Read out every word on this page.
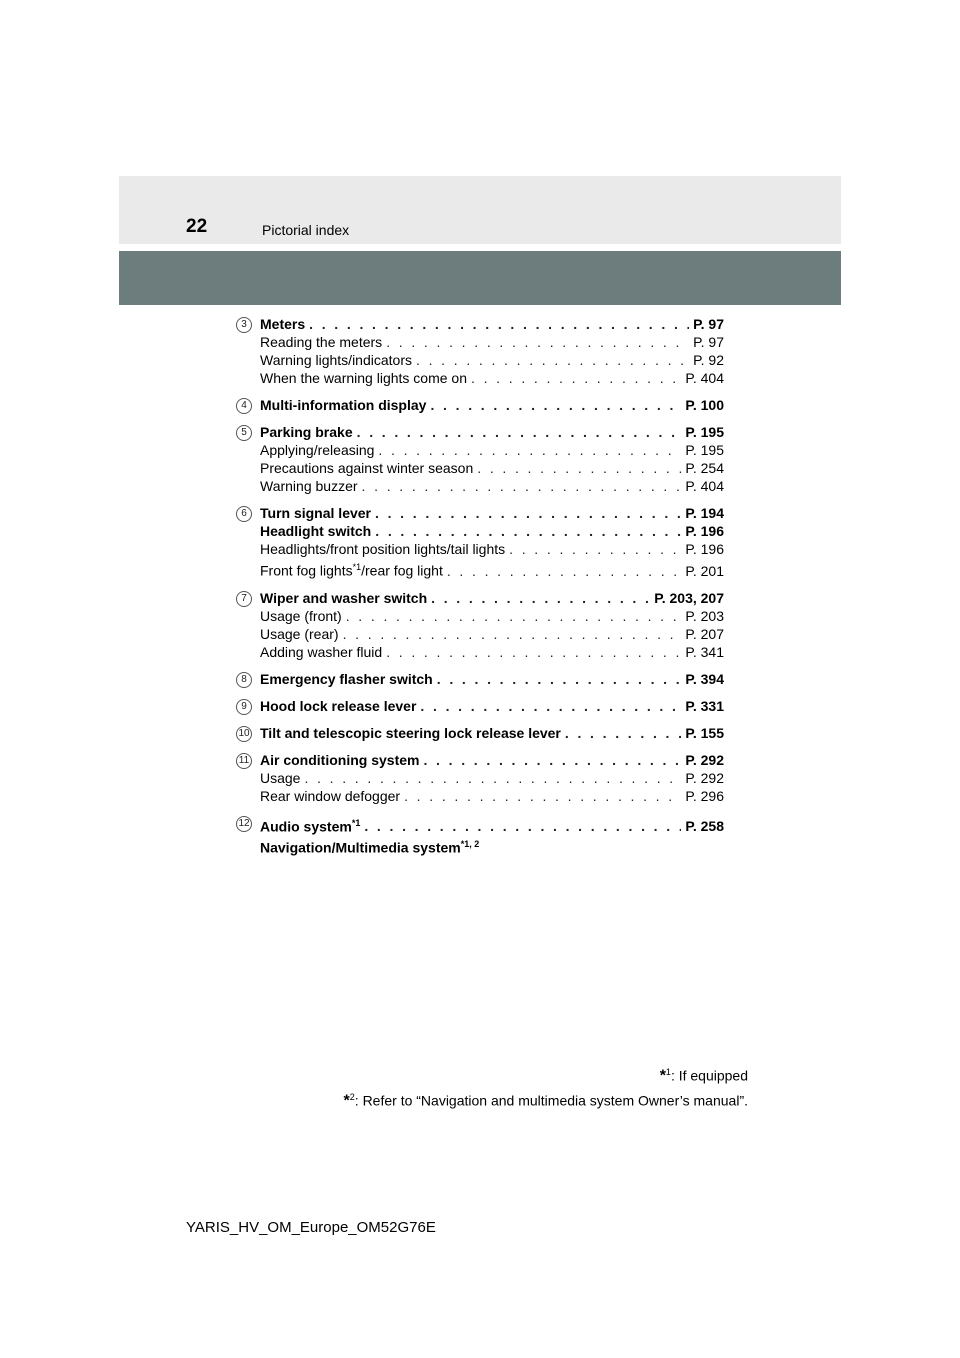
22	Pictorial index
3 Meters . . .	P. 97
Reading the meters . . .	P. 97
Warning lights/indicators . . .	P. 92
When the warning lights come on . . .	P. 404
4 Multi-information display . . .	P. 100
5 Parking brake . . .	P. 195
Applying/releasing . . .	P. 195
Precautions against winter season . . .	P. 254
Warning buzzer . . .	P. 404
6 Turn signal lever . . .	P. 194
Headlight switch . . .	P. 196
Headlights/front position lights/tail lights . . .	P. 196
Front fog lights$^{*1}$/rear fog light . . .	P. 201
7 Wiper and washer switch . . .	P. 203, 207
Usage (front) . . .	P. 203
Usage (rear) . . .	P. 207
Adding washer fluid . . .	P. 341
8 Emergency flasher switch . . .	P. 394
9 Hood lock release lever . . .	P. 331
10 Tilt and telescopic steering lock release lever . . .	P. 155
11 Air conditioning system . . .	P. 292
Usage . . .	P. 292
Rear window defogger . . .	P. 296
12 Audio system$^{*1}$ . . .	P. 258
Navigation/Multimedia system$^{*1, 2}$
*$^1$: If equipped
*$^2$: Refer to “Navigation and multimedia system Owner’s manual”.
YARIS_HV_OM_Europe_OM52G76E
